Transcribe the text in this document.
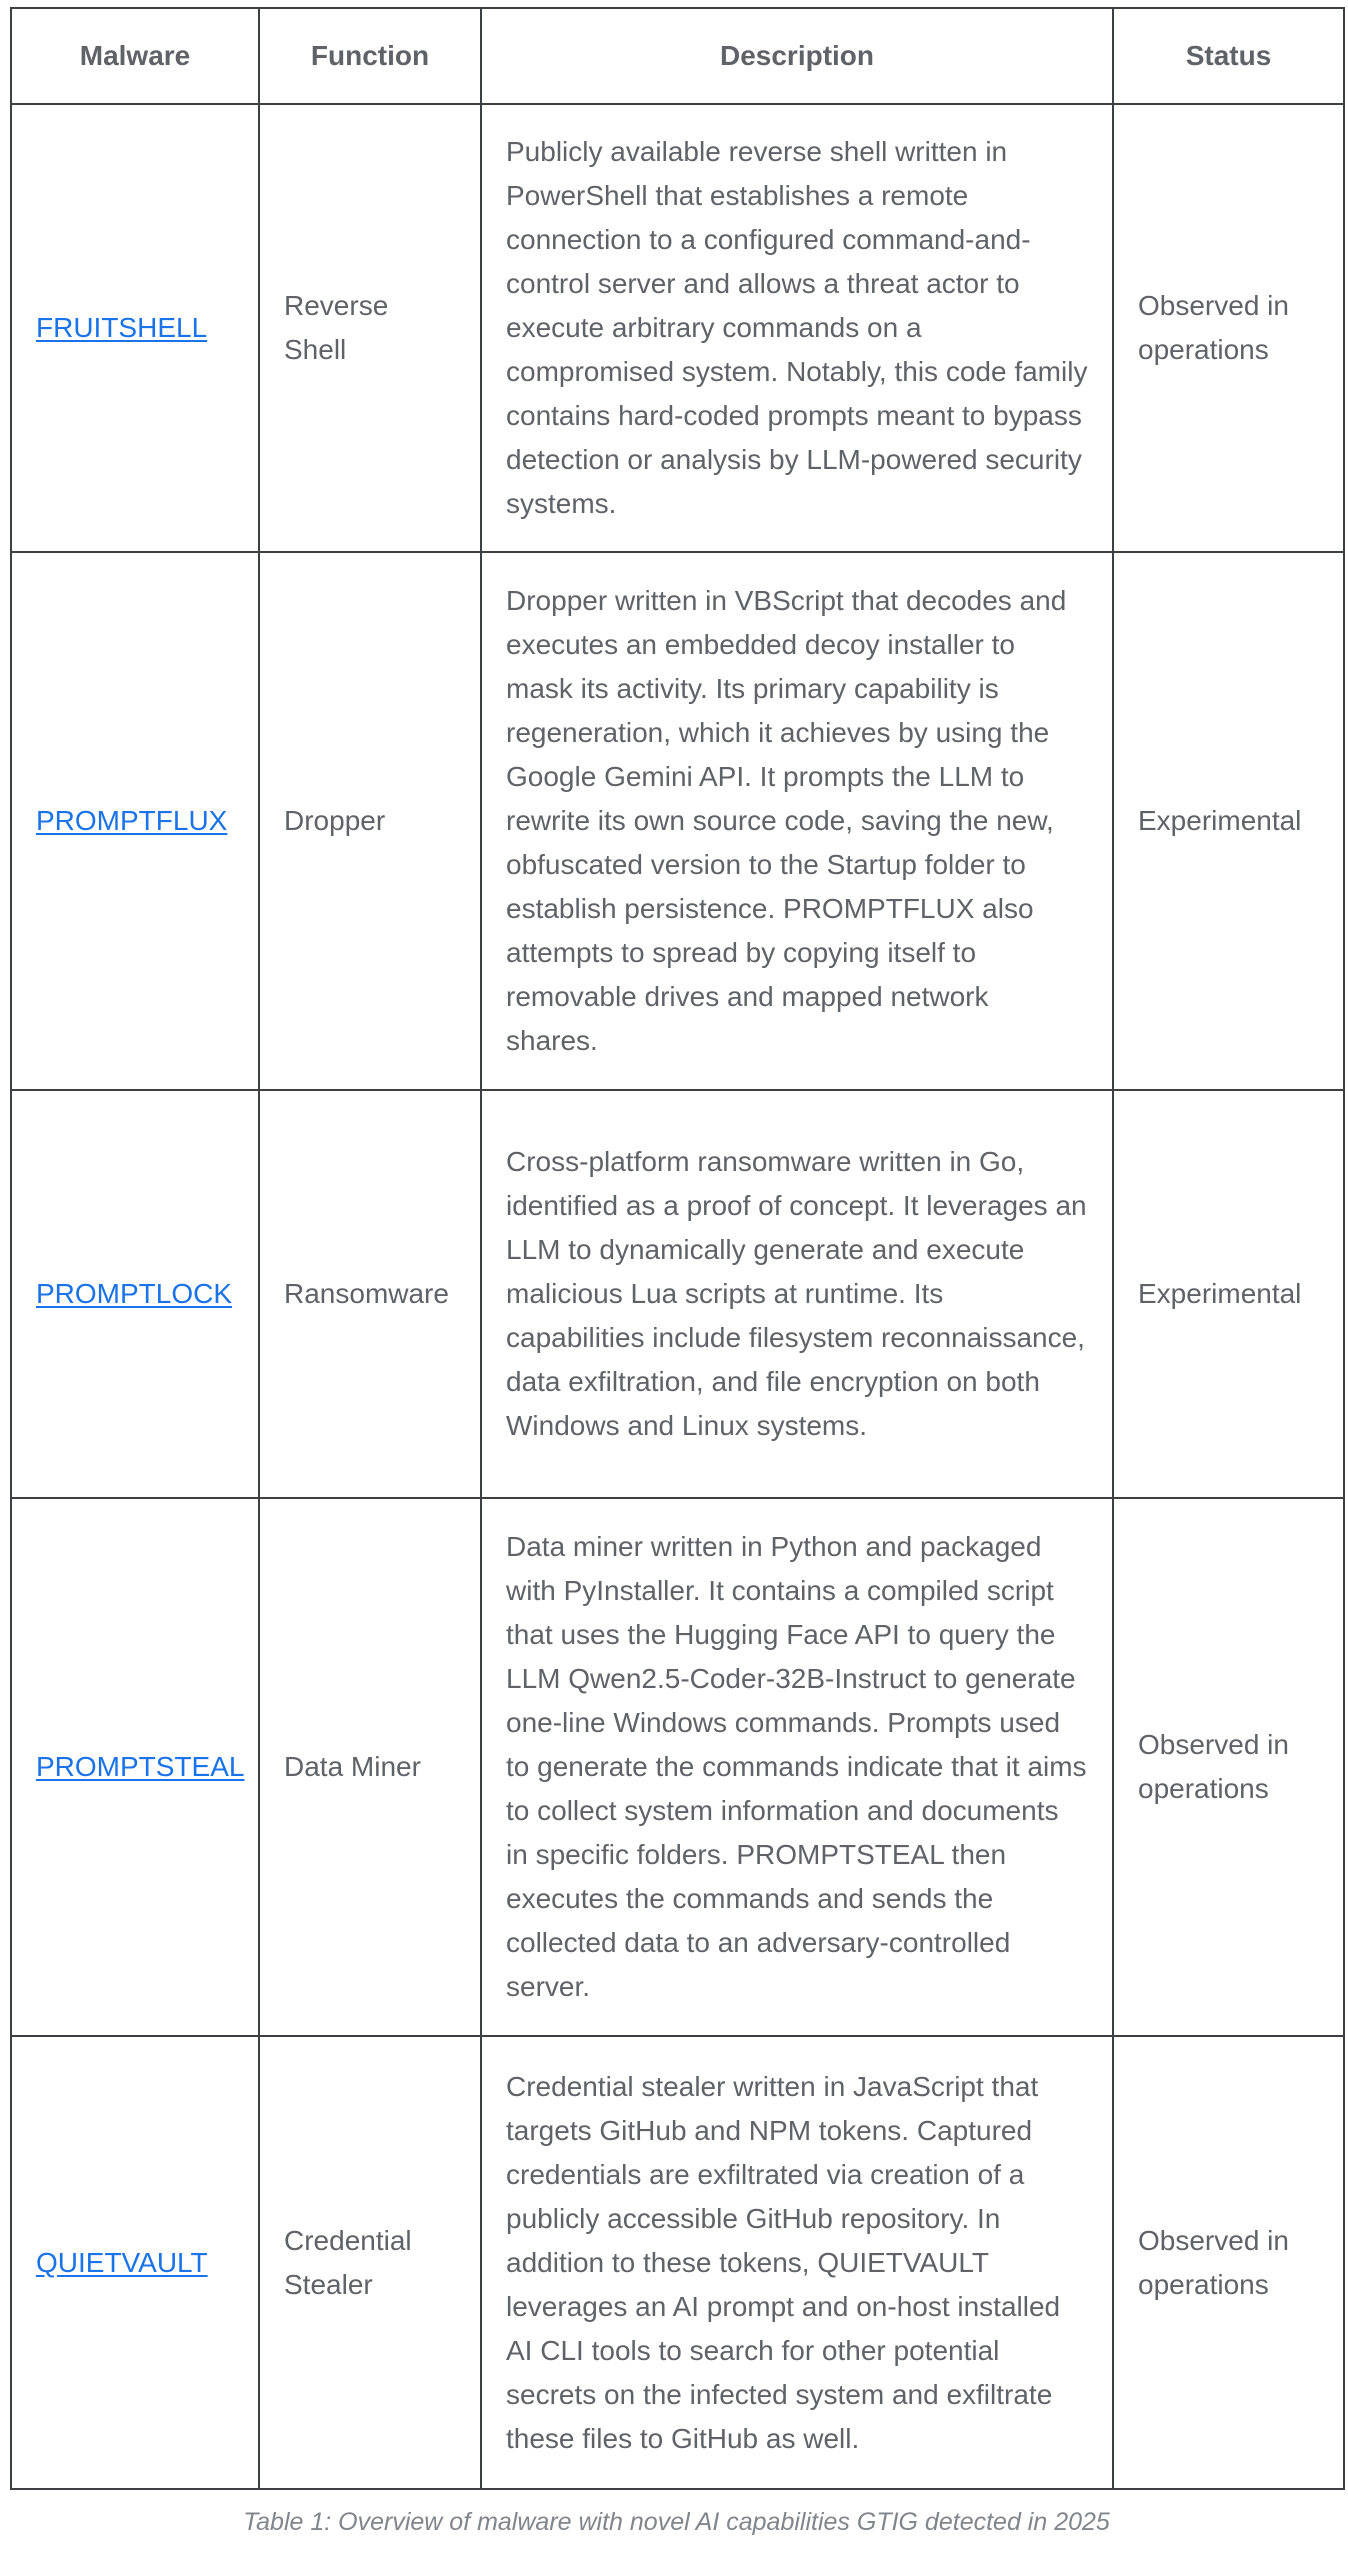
Malware	Function	Description	Status
FRUITSHELL	Reverse Shell	Publicly available reverse shell written in PowerShell that establishes a remote connection to a configured command-and-control server and allows a threat actor to execute arbitrary commands on a compromised system. Notably, this code family contains hard-coded prompts meant to bypass detection or analysis by LLM-powered security systems.	Observed in operations
PROMPTFLUX	Dropper	Dropper written in VBScript that decodes and executes an embedded decoy installer to mask its activity. Its primary capability is regeneration, which it achieves by using the Google Gemini API. It prompts the LLM to rewrite its own source code, saving the new, obfuscated version to the Startup folder to establish persistence. PROMPTFLUX also attempts to spread by copying itself to removable drives and mapped network shares.	Experimental
PROMPTLOCK	Ransomware	Cross-platform ransomware written in Go, identified as a proof of concept. It leverages an LLM to dynamically generate and execute malicious Lua scripts at runtime. Its capabilities include filesystem reconnaissance, data exfiltration, and file encryption on both Windows and Linux systems.	Experimental
PROMPTSTEAL	Data Miner	Data miner written in Python and packaged with PyInstaller. It contains a compiled script that uses the Hugging Face API to query the LLM Qwen2.5-Coder-32B-Instruct to generate one-line Windows commands. Prompts used to generate the commands indicate that it aims to collect system information and documents in specific folders. PROMPTSTEAL then executes the commands and sends the collected data to an adversary-controlled server.	Observed in operations
QUIETVAULT	Credential Stealer	Credential stealer written in JavaScript that targets GitHub and NPM tokens. Captured credentials are exfiltrated via creation of a publicly accessible GitHub repository. In addition to these tokens, QUIETVAULT leverages an AI prompt and on-host installed AI CLI tools to search for other potential secrets on the infected system and exfiltrate these files to GitHub as well.	Observed in operations
Table 1: Overview of malware with novel AI capabilities GTIG detected in 2025
